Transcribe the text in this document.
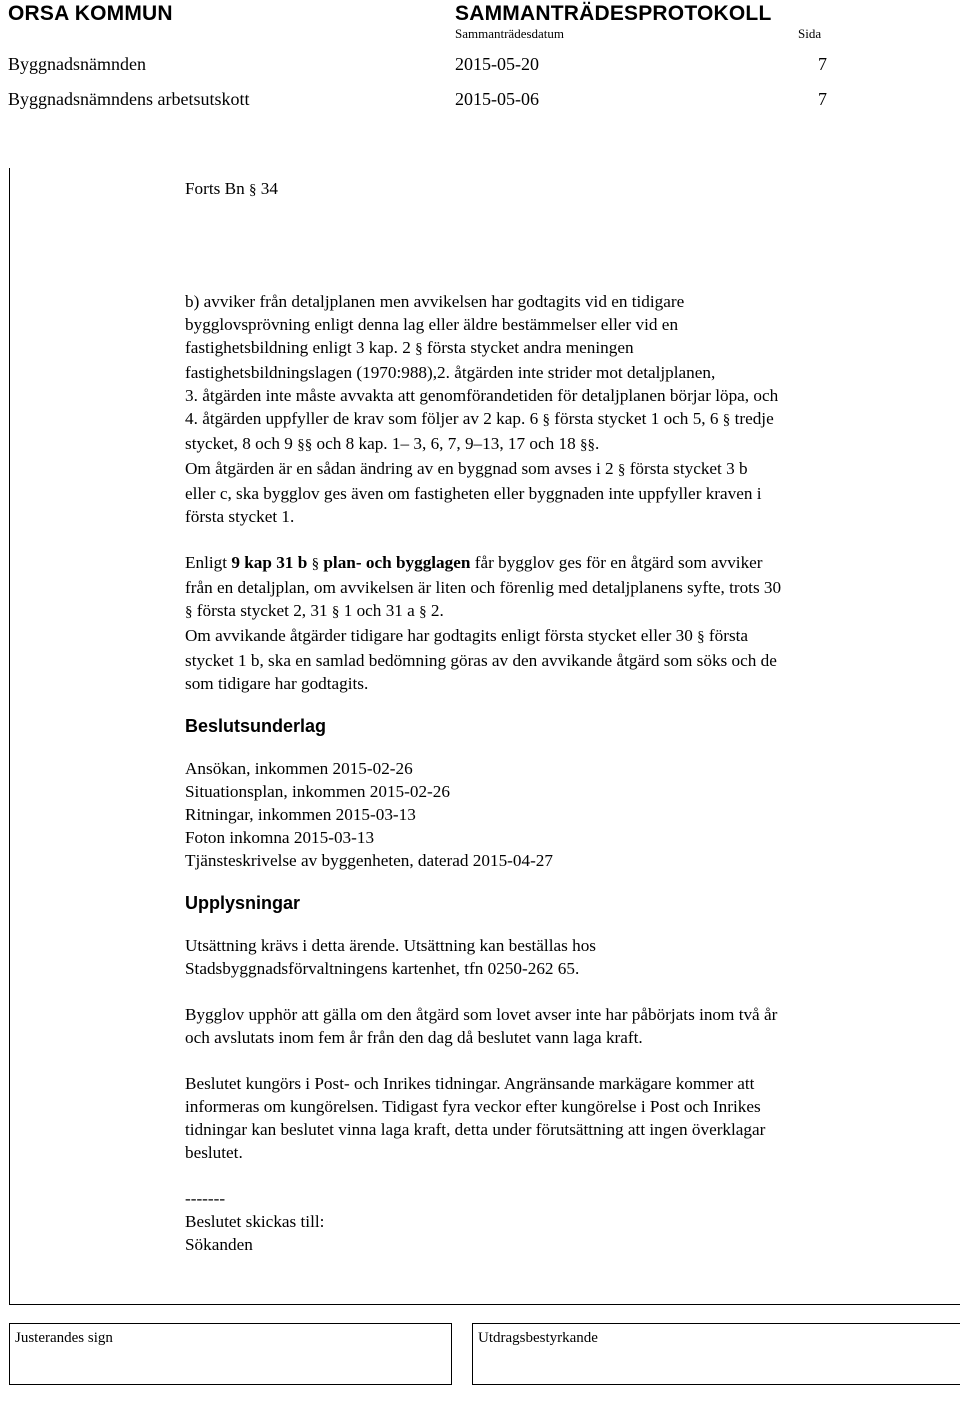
ORSA KOMMUN	SAMMANTRÄDESPROTOKOLL
Sammanträdesdatum	Sida
Byggnadsnämnden	2015-05-20	7
Byggnadsnämndens arbetsutskott	2015-05-06	7

Forts Bn § 34

b) avviker från detaljplanen men avvikelsen har godtagits vid en tidigare

bygglovsprövning enligt denna lag eller äldre bestämmelser eller vid en

fastighetsbildning enligt 3 kap. 2 § första stycket andra meningen

fastighetsbildningslagen (1970:988),2. åtgärden inte strider mot detaljplanen,

3. åtgärden inte måste avvakta att genomförandetiden för detaljplanen börjar löpa, och

4. åtgärden uppfyller de krav som följer av 2 kap. 6 § första stycket 1 och 5, 6 § tredje

stycket, 8 och 9 §§ och 8 kap. 1– 3, 6, 7, 9–13, 17 och 18 §§.

Om åtgärden är en sådan ändring av en byggnad som avses i 2 § första stycket 3 b

eller c, ska bygglov ges även om fastigheten eller byggnaden inte uppfyller kraven i

första stycket 1.

Enligt 9 kap 31 b § plan- och bygglagen får bygglov ges för en åtgärd som avviker

från en detaljplan, om avvikelsen är liten och förenlig med detaljplanens syfte, trots 30

§ första stycket 2, 31 § 1 och 31 a § 2.

Om avvikande åtgärder tidigare har godtagits enligt första stycket eller 30 § första

stycket 1 b, ska en samlad bedömning göras av den avvikande åtgärd som söks och de

som tidigare har godtagits.

Beslutsunderlag

Ansökan, inkommen 2015-02-26

Situationsplan, inkommen 2015-02-26

Ritningar, inkommen 2015-03-13

Foton inkomna 2015-03-13

Tjänsteskrivelse av byggenheten, daterad 2015-04-27

Upplysningar

Utsättning krävs i detta ärende. Utsättning kan beställas hos

Stadsbyggnadsförvaltningens kartenhet, tfn 0250-262 65.

Bygglov upphör att gälla om den åtgärd som lovet avser inte har påbörjats inom två år

och avslutats inom fem år från den dag då beslutet vann laga kraft.

Beslutet kungörs i Post- och Inrikes tidningar. Angränsande markägare kommer att

informeras om kungörelsen. Tidigast fyra veckor efter kungörelse i Post och Inrikes

tidningar kan beslutet vinna laga kraft, detta under förutsättning att ingen överklagar

beslutet.

-------

Beslutet skickas till:

Sökanden

Justerandes sign	Utdragsbestyrkande
